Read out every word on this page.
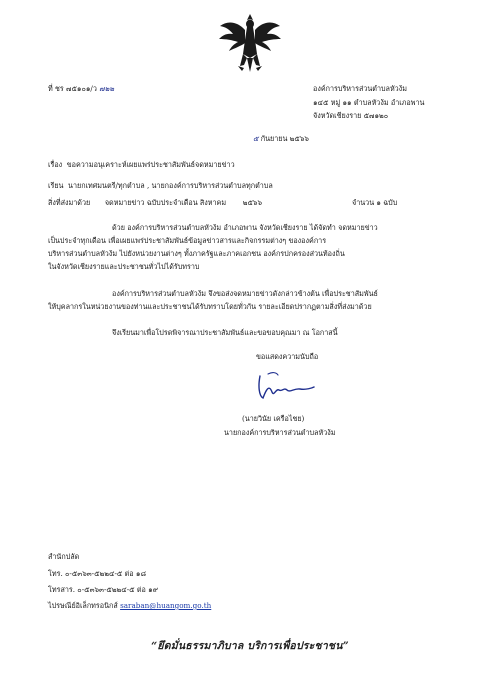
ที่ ชร ๗๕๑๐๑/ว ๗๒๒	องค์การบริหารส่วนตำบลหัวง้ม
๑๔๕ หมู่ ๑๑ ตำบลหัวง้ม อำเภอพาน
จังหวัดเชียงราย ๕๗๑๒๐
๕ กันยายน ๒๕๖๖
เรื่อง ขอความอนุเคราะห์เผยแพร่ประชาสัมพันธ์จดหมายข่าว
เรียน นายกเทศมนตรี/ทุกตำบล , นายกองค์การบริหารส่วนตำบลทุกตำบล
สิ่งที่ส่งมาด้วย จดหมายข่าว ฉบับประจำเดือน สิงหาคม ๒๕๖๖	จำนวน ๑ ฉบับ
ด้วย องค์การบริหารส่วนตำบลหัวง้ม อำเภอพาน จังหวัดเชียงราย ได้จัดทำ จดหมายข่าว
เป็นประจำทุกเดือน เพื่อเผยแพร่ประชาสัมพันธ์ข้อมูลข่าวสารและกิจกรรมต่างๆ ขององค์การ
บริหารส่วนตำบลหัวง้ม ไปยังหน่วยงานต่างๆ ทั้งภาครัฐและภาคเอกชน องค์กรปกครองส่วนท้องถิ่น
ในจังหวัดเชียงรายและประชาชนทั่วไปได้รับทราบ
องค์การบริหารส่วนตำบลหัวง้ม จึงขอส่งจดหมายข่าวดังกล่าวข้างต้น เพื่อประชาสัมพันธ์
ให้บุคลากรในหน่วยงานของท่านและประชาชนได้รับทราบโดยทั่วกัน รายละเอียดปรากฏตามสิ่งที่ส่งมาด้วย
จึงเรียนมาเพื่อโปรดพิจารณาประชาสัมพันธ์และขอขอบคุณมา ณ โอกาสนี้
ขอแสดงความนับถือ
(นายวินัย เครือไชย)
นายกองค์การบริหารส่วนตำบลหัวง้ม
สำนักปลัด
โทร. ๐-๕๓๖๓-๕๒๒๔-๕ ต่อ ๑๘
โทรสาร. ๐-๕๓๖๓-๕๒๒๔-๕ ต่อ ๑๙
ไปรษณีย์อิเล็กทรอนิกส์ saraban@huangom.go.th
“ยึดมั่นธรรมาภิบาล บริการเพื่อประชาชน”
